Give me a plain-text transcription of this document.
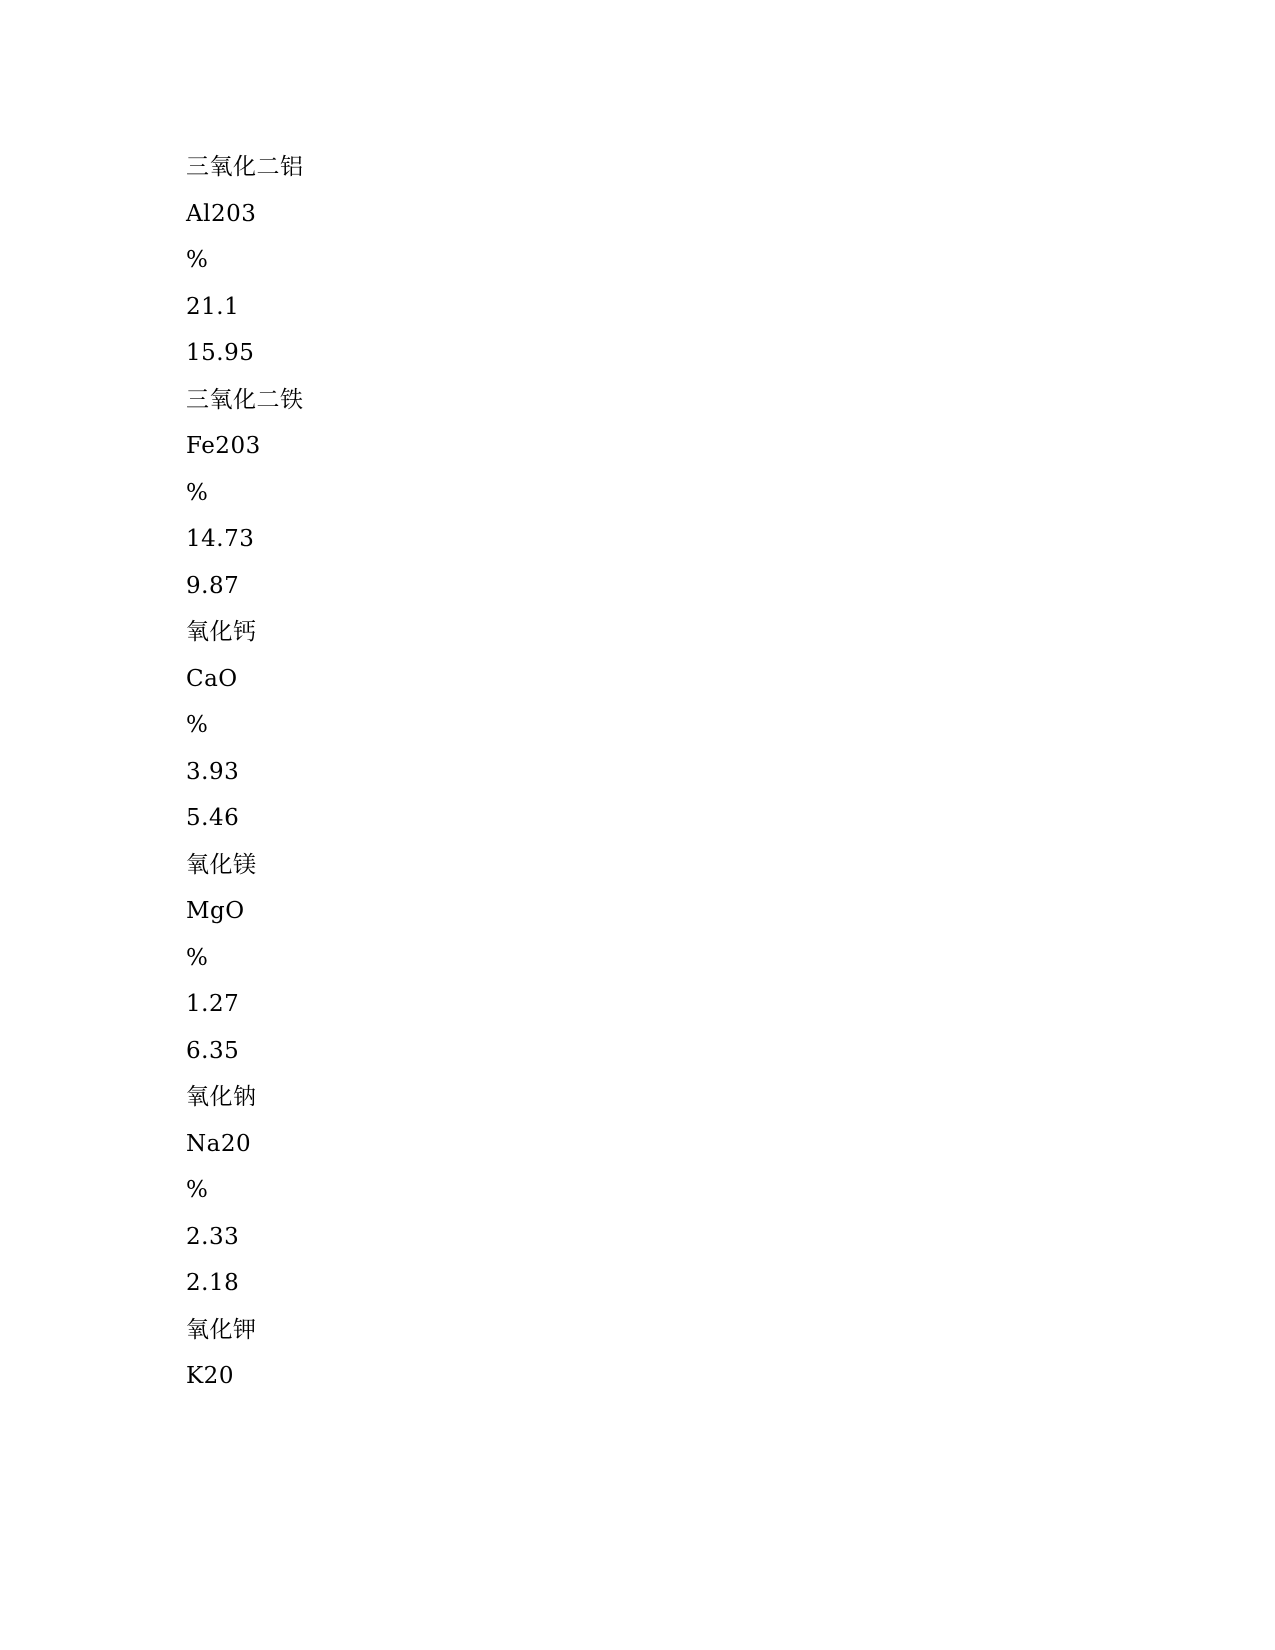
三氧化二铝
Al203
%
21.1
15.95
三氧化二铁
Fe203
%
14.73
9.87
氧化钙
CaO
%
3.93
5.46
氧化镁
MgO
%
1.27
6.35
氧化钠
Na20
%
2.33
2.18
氧化钾
K20
